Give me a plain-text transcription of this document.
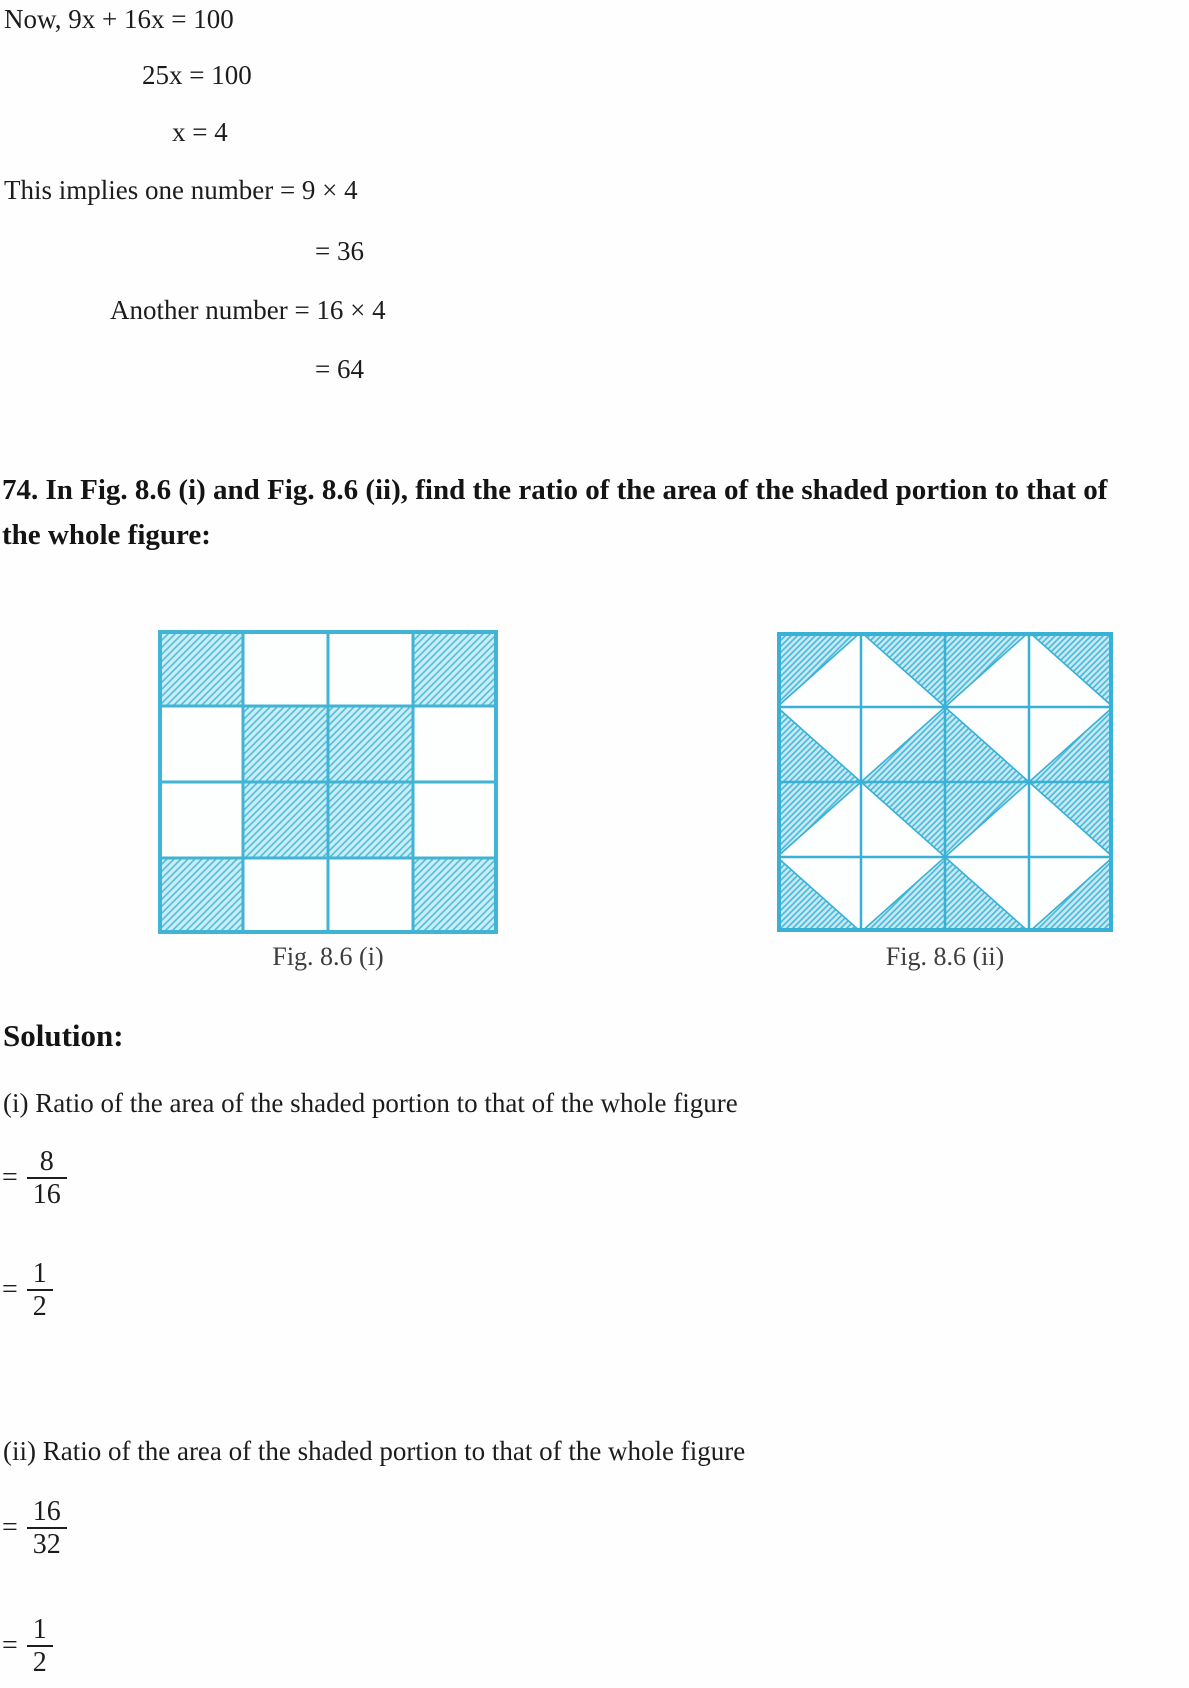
Now, 9x + 16x = 100
25x = 100
x = 4
This implies one number = 9 × 4
= 36
Another number = 16 × 4
= 64
74. In Fig. 8.6 (i) and Fig. 8.6 (ii), find the ratio of the area of the shaded portion to that of the whole figure:
Fig. 8.6 (i)	Fig. 8.6 (ii)
Solution:
(i) Ratio of the area of the shaded portion to that of the whole figure
= $\frac{8}{16}$
= $\frac{1}{2}$
(ii) Ratio of the area of the shaded portion to that of the whole figure
= $\frac{16}{32}$
= $\frac{1}{2}$
